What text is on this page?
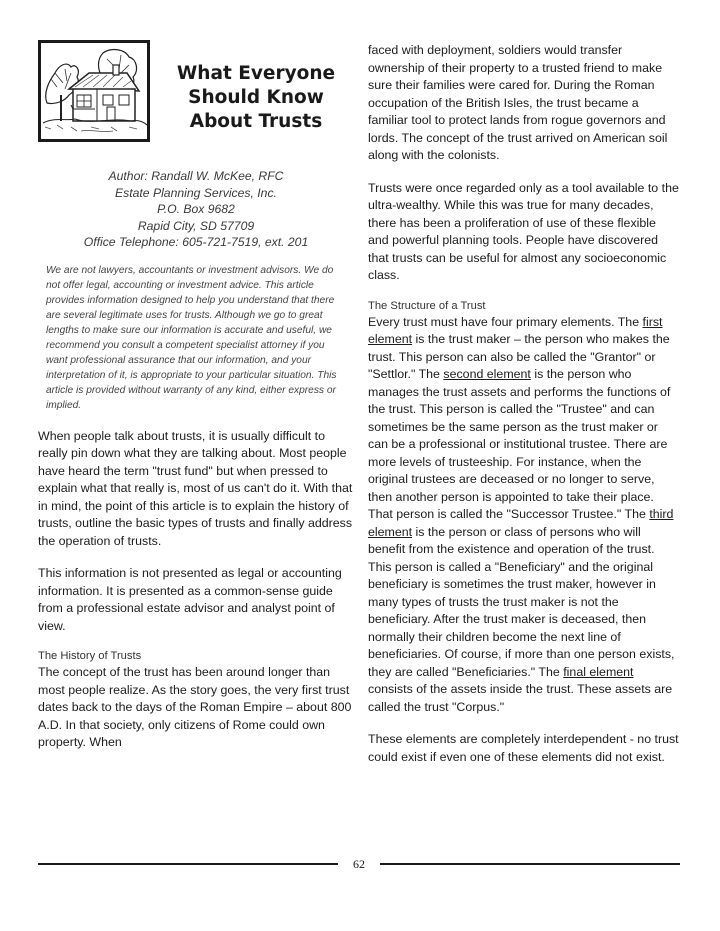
What Everyone
Should Know
About Trusts
Author: Randall W. McKee, RFC
Estate Planning Services, Inc.
P.O. Box 9682
Rapid City, SD 57709
Office Telephone: 605-721-7519, ext. 201

We are not lawyers, accountants or investment advisors. We do not offer legal, accounting or investment advice. This article provides information designed to help you understand that there are several legitimate uses for trusts. Although we go to great lengths to make sure our information is accurate and useful, we recommend you consult a competent specialist attorney if you want professional assurance that our information, and your interpretation of it, is appropriate to your particular situation. This article is provided without warranty of any kind, either express or implied.

When people talk about trusts, it is usually difficult to really pin down what they are talking about. Most people have heard the term "trust fund" but when pressed to explain what that really is, most of us can't do it. With that in mind, the point of this article is to explain the history of trusts, outline the basic types of trusts and finally address the operation of trusts.

This information is not presented as legal or accounting information. It is presented as a common-sense guide from a professional estate advisor and analyst point of view.

The History of Trusts

The concept of the trust has been around longer than most people realize. As the story goes, the very first trust dates back to the days of the Roman Empire – about 800 A.D. In that society, only citizens of Rome could own property. When

faced with deployment, soldiers would transfer ownership of their property to a trusted friend to make sure their families were cared for. During the Roman occupation of the British Isles, the trust became a familiar tool to protect lands from rogue governors and lords. The concept of the trust arrived on American soil along with the colonists.

Trusts were once regarded only as a tool available to the ultra-wealthy. While this was true for many decades, there has been a proliferation of use of these flexible and powerful planning tools. People have discovered that trusts can be useful for almost any socioeconomic class.

The Structure of a Trust

Every trust must have four primary elements. The first element is the trust maker – the person who makes the trust. This person can also be called the "Grantor" or "Settlor." The second element is the person who manages the trust assets and performs the functions of the trust. This person is called the "Trustee" and can sometimes be the same person as the trust maker or can be a professional or institutional trustee. There are more levels of trusteeship. For instance, when the original trustees are deceased or no longer to serve, then another person is appointed to take their place. That person is called the "Successor Trustee." The third element is the person or class of persons who will benefit from the existence and operation of the trust. This person is called a "Beneficiary" and the original beneficiary is sometimes the trust maker, however in many types of trusts the trust maker is not the beneficiary. After the trust maker is deceased, then normally their children become the next line of beneficiaries. Of course, if more than one person exists, they are called "Beneficiaries." The final element consists of the assets inside the trust. These assets are called the trust "Corpus."

These elements are completely interdependent - no trust could exist if even one of these elements did not exist.

62
